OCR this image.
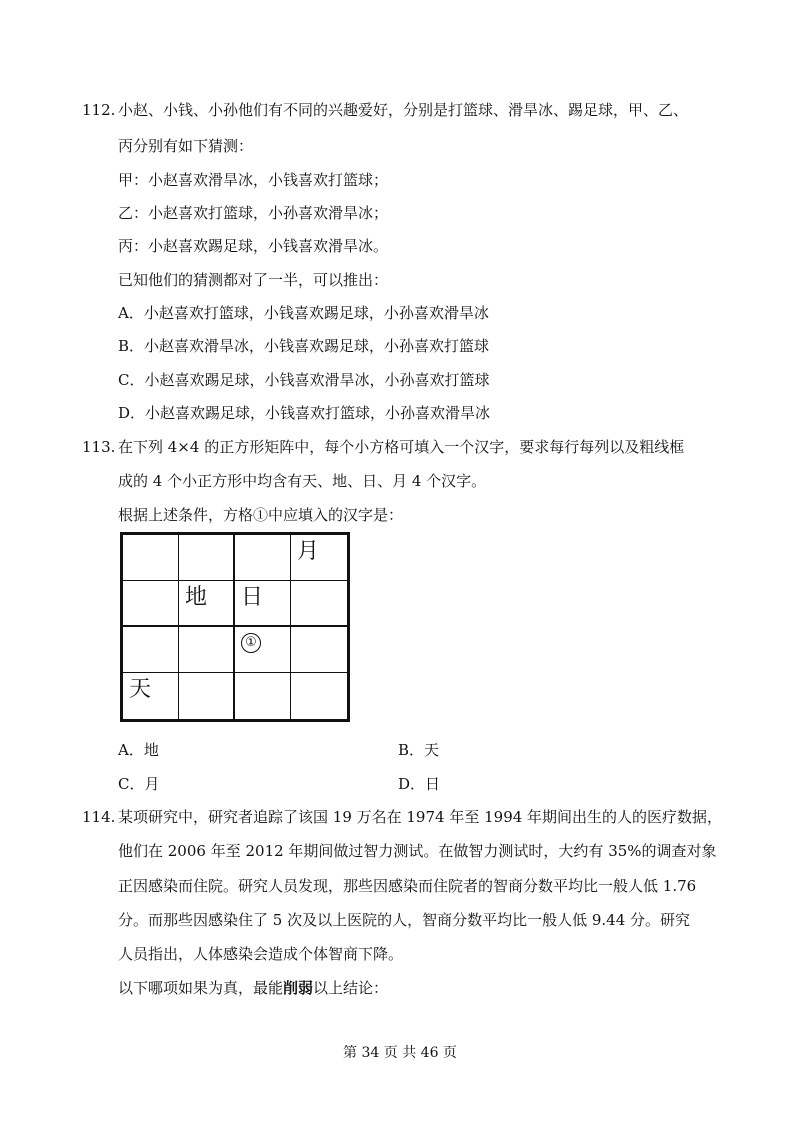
112. 小赵、小钱、小孙他们有不同的兴趣爱好，分别是打篮球、滑旱冰、踢足球，甲、乙、
丙分别有如下猜测：
甲：小赵喜欢滑旱冰，小钱喜欢打篮球；
乙：小赵喜欢打篮球，小孙喜欢滑旱冰；
丙：小赵喜欢踢足球，小钱喜欢滑旱冰。
已知他们的猜测都对了一半，可以推出：
A．小赵喜欢打篮球，小钱喜欢踢足球，小孙喜欢滑旱冰
B．小赵喜欢滑旱冰，小钱喜欢踢足球，小孙喜欢打篮球
C．小赵喜欢踢足球，小钱喜欢滑旱冰，小孙喜欢打篮球
D．小赵喜欢踢足球，小钱喜欢打篮球，小孙喜欢滑旱冰
113. 在下列 4×4 的正方形矩阵中，每个小方格可填入一个汉字，要求每行每列以及粗线框
成的 4 个小正方形中均含有天、地、日、月 4 个汉字。
根据上述条件，方格①中应填入的汉字是：
月
地 日
①
天
A．地	B．天
C．月	D．日
114. 某项研究中，研究者追踪了该国 19 万名在 1974 年至 1994 年期间出生的人的医疗数据，
他们在 2006 年至 2012 年期间做过智力测试。在做智力测试时，大约有 35%的调查对象
正因感染而住院。研究人员发现，那些因感染而住院者的智商分数平均比一般人低 1.76
分。而那些因感染住了 5 次及以上医院的人，智商分数平均比一般人低 9.44 分。研究
人员指出，人体感染会造成个体智商下降。
以下哪项如果为真，最能削弱以上结论：
第 34 页 共 46 页
